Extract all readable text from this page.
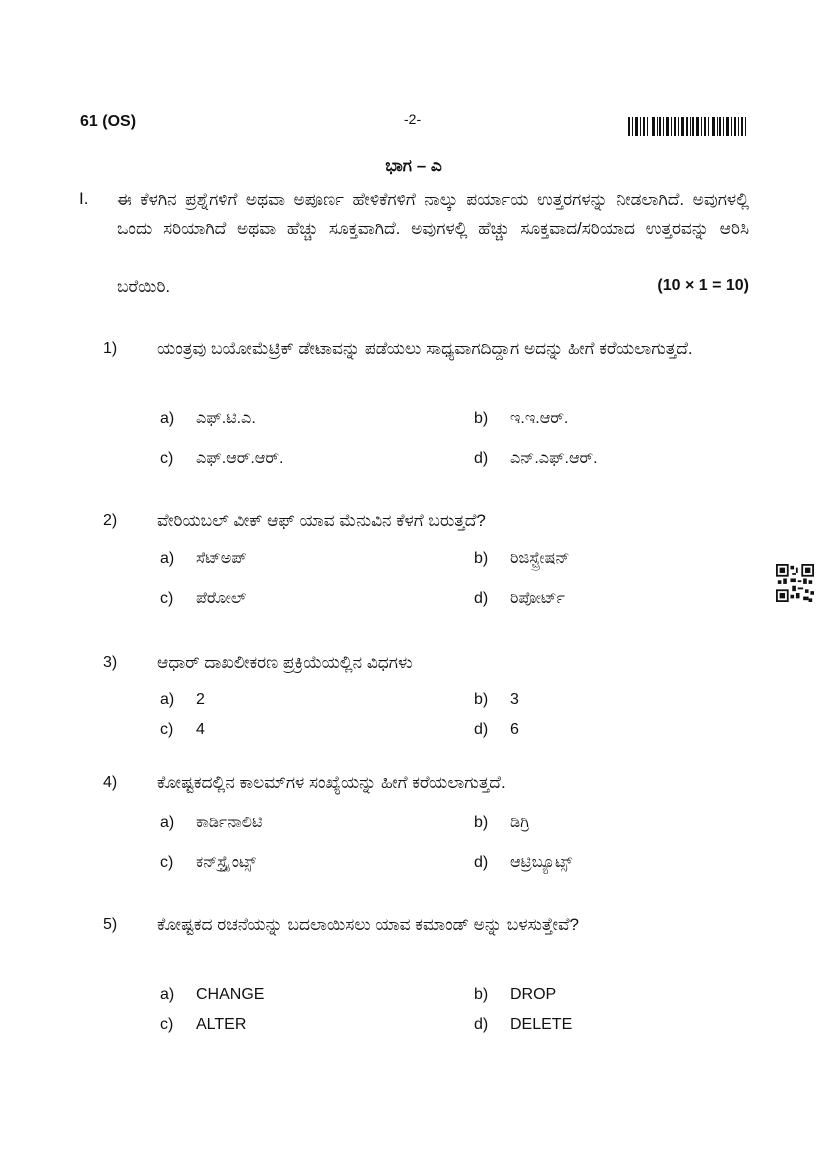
61 (OS)	-2-
ಭಾಗ – ಎ
I. ಈ ಕೆಳಗಿನ ಪ್ರಶ್ನೆಗಳಿಗೆ ಅಥವಾ ಅಪೂರ್ಣ ಹೇಳಿಕೆಗಳಿಗೆ ನಾಲ್ಕು ಪರ್ಯಾಯ ಉತ್ತರಗಳನ್ನು ನೀಡಲಾಗಿದೆ. ಅವುಗಳಲ್ಲಿ ಒಂದು ಸರಿಯಾಗಿದೆ ಅಥವಾ ಹೆಚ್ಚು ಸೂಕ್ತವಾಗಿದೆ. ಅವುಗಳಲ್ಲಿ ಹೆಚ್ಚು ಸೂಕ್ತವಾದ/ಸರಿಯಾದ ಉತ್ತರವನ್ನು ಆರಿಸಿ
ಬರೆಯಿರಿ.	(10 × 1 = 10)
1) ಯಂತ್ರವು ಬಯೋಮೆಟ್ರಿಕ್ ಡೇಟಾವನ್ನು ಪಡೆಯಲು ಸಾಧ್ಯವಾಗದಿದ್ದಾಗ ಅದನ್ನು ಹೀಗೆ ಕರೆಯಲಾಗುತ್ತದೆ.
a)	ಎಫ್.ಟಿ.ಎ.	b)	ಇ.ಇ.ಆರ್.
c)	ಎಫ್.ಆರ್.ಆರ್.	d)	ಎನ್.ಎಫ್.ಆರ್.
2) ವೇರಿಯಬಲ್ ವೀಕ್ ಆಫ್ ಯಾವ ಮೆನುವಿನ ಕೆಳಗೆ ಬರುತ್ತದೆ?
a)	ಸೆಟ್‌ಅಪ್	b)	ರಿಜಿಸ್ಟ್ರೇಷನ್
c)	ಪೆರೋಲ್	d)	ರಿಪೋರ್ಟ್
3) ಆಧಾರ್ ದಾಖಲೀಕರಣ ಪ್ರಕ್ರಿಯೆಯಲ್ಲಿನ ವಿಧಗಳು
a)	2	b)	3
c)	4	d)	6
4) ಕೋಷ್ಟಕದಲ್ಲಿನ ಕಾಲಮ್‌ಗಳ ಸಂಖ್ಯೆಯನ್ನು ಹೀಗೆ ಕರೆಯಲಾಗುತ್ತದೆ.
a)	ಕಾರ್ಡಿನಾಲಿಟಿ	b)	ಡಿಗ್ರಿ
c)	ಕನ್‌ಸ್ಟ್ರೈಂಟ್ಸ್	d)	ಆಟ್ರಿಬ್ಯೂಟ್ಸ್
5) ಕೋಷ್ಟಕದ ರಚನೆಯನ್ನು ಬದಲಾಯಿಸಲು ಯಾವ ಕಮಾಂಡ್ ಅನ್ನು ಬಳಸುತ್ತೇವೆ?
a)	CHANGE	b)	DROP
c)	ALTER	d)	DELETE
